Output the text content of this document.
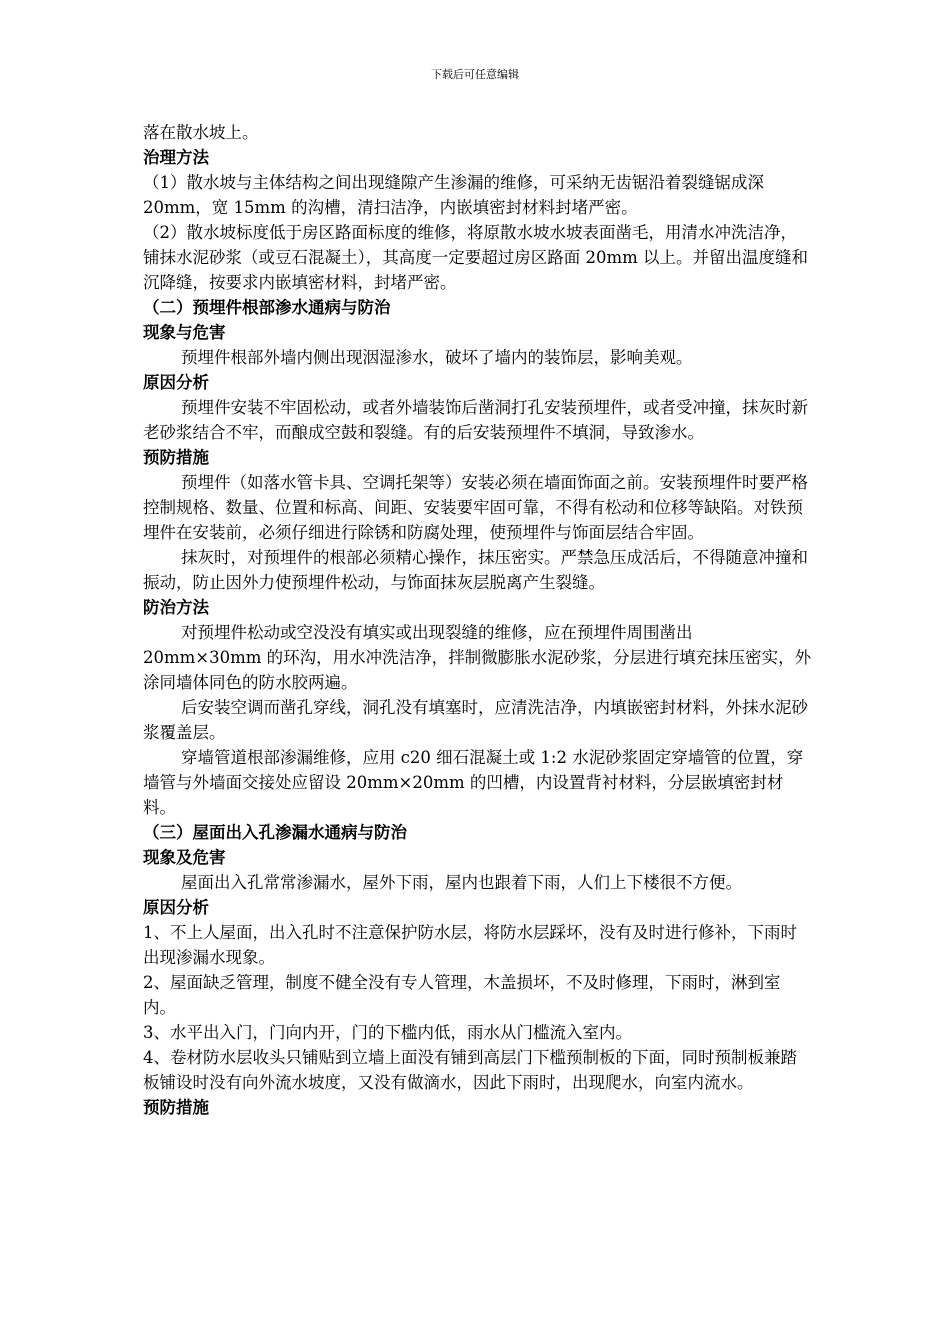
下载后可任意编辑

落在散水坡上。

治理方法

（1）散水坡与主体结构之间出现缝隙产生渗漏的维修，可采纳无齿锯沿着裂缝锯成深 20mm，宽 15mm 的沟槽，清扫洁净，内嵌填密封材料封堵严密。

（2）散水坡标度低于房区路面标度的维修，将原散水坡水坡表面凿毛，用清水冲洗洁净，铺抹水泥砂浆（或豆石混凝土），其高度一定要超过房区路面 20mm 以上。并留出温度缝和沉降缝，按要求内嵌填密材料，封堵严密。

（二）预埋件根部渗水通病与防治

现象与危害

预埋件根部外墙内侧出现洇湿渗水，破坏了墙内的装饰层，影响美观。

原因分析

预埋件安装不牢固松动，或者外墙装饰后凿洞打孔安装预埋件，或者受冲撞，抹灰时新老砂浆结合不牢，而酿成空鼓和裂缝。有的后安装预埋件不填洞，导致渗水。

预防措施

预埋件（如落水管卡具、空调托架等）安装必须在墙面饰面之前。安装预埋件时要严格控制规格、数量、位置和标高、间距、安装要牢固可靠，不得有松动和位移等缺陷。对铁预埋件在安装前，必须仔细进行除锈和防腐处理，使预埋件与饰面层结合牢固。

抹灰时，对预埋件的根部必须精心操作，抹压密实。严禁急压成活后，不得随意冲撞和振动，防止因外力使预埋件松动，与饰面抹灰层脱离产生裂缝。

防治方法

对预埋件松动或空没没有填实或出现裂缝的维修，应在预埋件周围凿出 20mm×30mm 的环沟，用水冲洗洁净，拌制微膨胀水泥砂浆，分层进行填充抹压密实，外涂同墙体同色的防水胶两遍。

后安装空调而凿孔穿线，洞孔没有填塞时，应清洗洁净，内填嵌密封材料，外抹水泥砂浆覆盖层。

穿墙管道根部渗漏维修，应用 c20 细石混凝土或 1:2 水泥砂浆固定穿墙管的位置，穿墙管与外墙面交接处应留设 20mm×20mm 的凹槽，内设置背衬材料，分层嵌填密封材料。

（三）屋面出入孔渗漏水通病与防治

现象及危害

屋面出入孔常常渗漏水，屋外下雨，屋内也跟着下雨，人们上下楼很不方便。

原因分析

1、不上人屋面，出入孔时不注意保护防水层，将防水层踩坏，没有及时进行修补，下雨时出现渗漏水现象。

2、屋面缺乏管理，制度不健全没有专人管理，木盖损坏，不及时修理，下雨时，淋到室内。

3、水平出入门，门向内开，门的下槛内低，雨水从门槛流入室内。

4、卷材防水层收头只铺贴到立墙上面没有铺到高层门下槛预制板的下面，同时预制板兼踏板铺设时没有向外流水坡度，又没有做滴水，因此下雨时，出现爬水，向室内流水。

预防措施
